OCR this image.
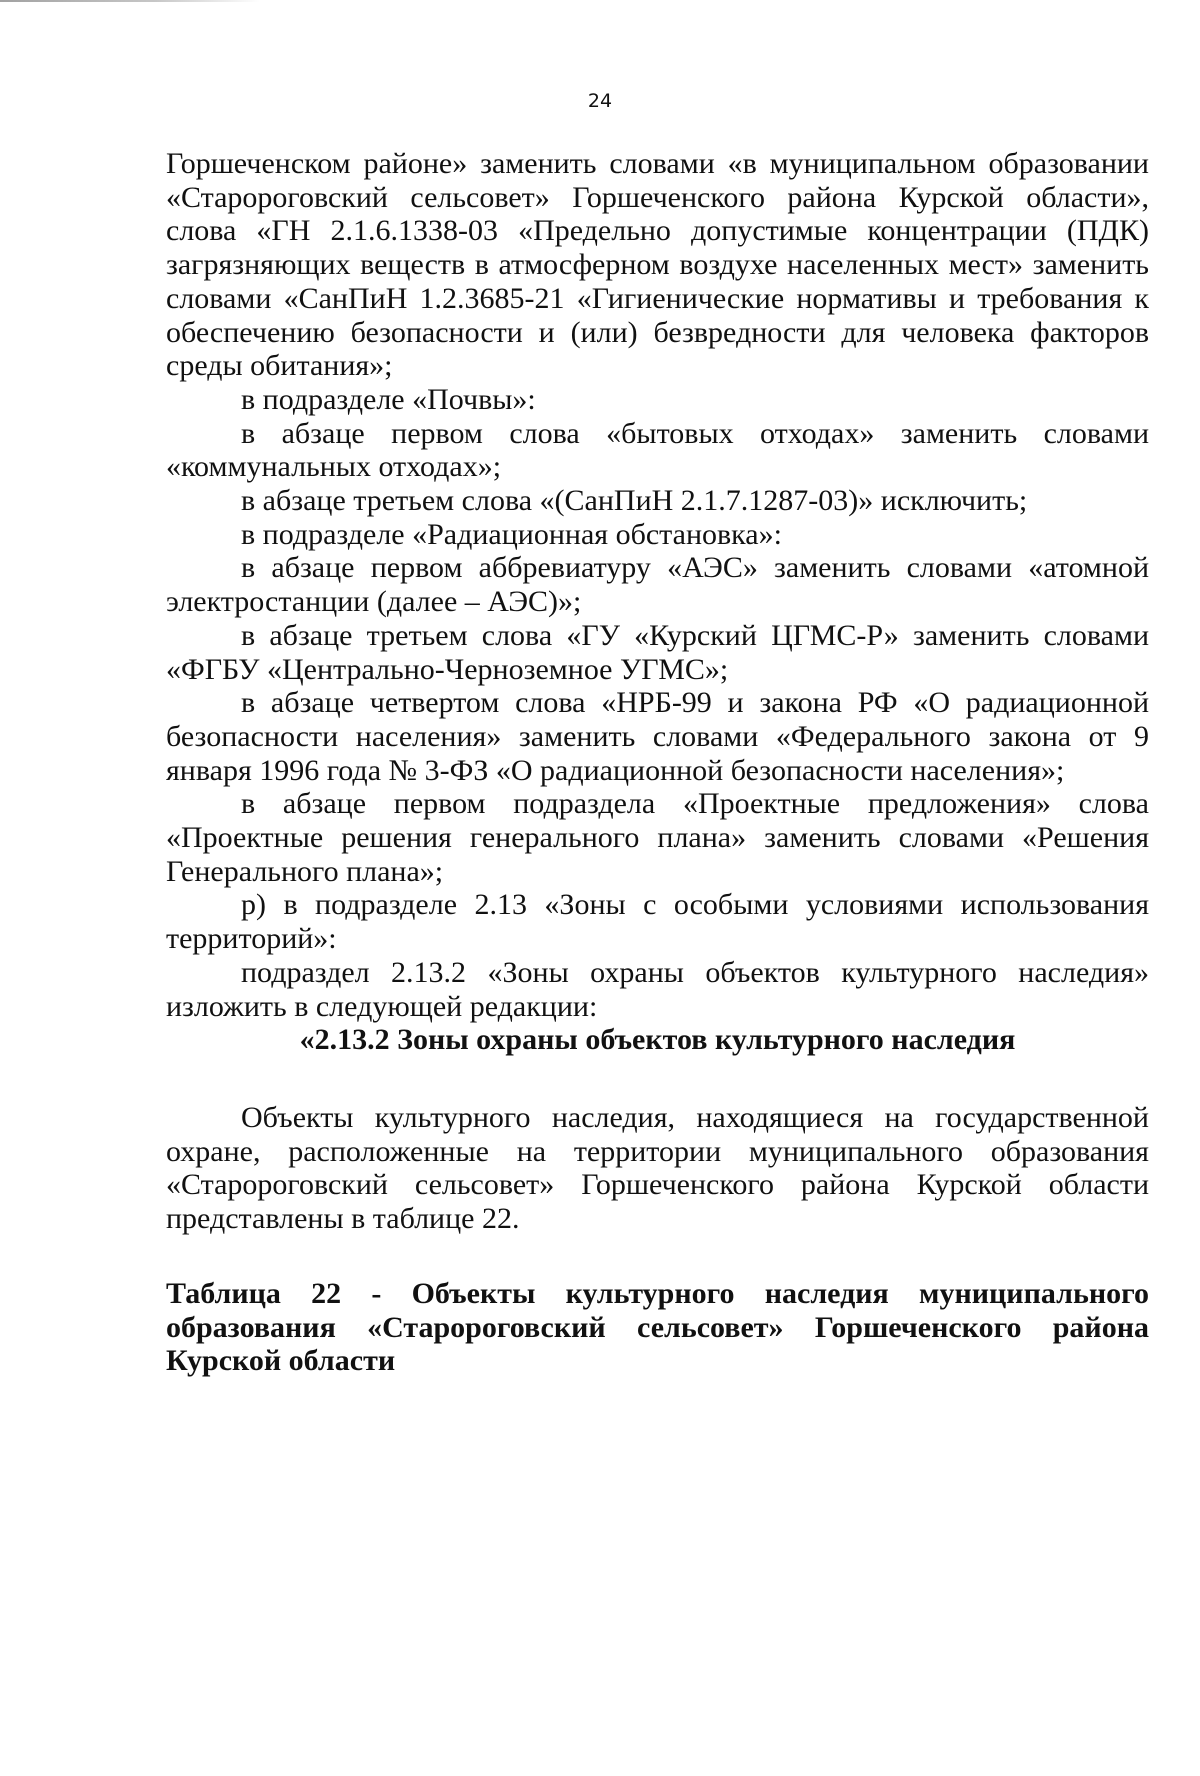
24

Горшеченском районе» заменить словами «в муниципальном образовании «Старороговский сельсовет» Горшеченского района Курской области», слова «ГН 2.1.6.1338-03 «Предельно допустимые концентрации (ПДК) загрязняющих веществ в атмосферном воздухе населенных мест» заменить словами «СанПиН 1.2.3685-21 «Гигиенические нормативы и требования к обеспечению безопасности и (или) безвредности для человека факторов среды обитания»;

в подразделе «Почвы»:

в абзаце первом слова «бытовых отходах» заменить словами «коммунальных отходах»;

в абзаце третьем слова «(СанПиН 2.1.7.1287-03)» исключить;

в подразделе «Радиационная обстановка»:

в абзаце первом аббревиатуру «АЭС» заменить словами «атомной электростанции (далее – АЭС)»;

в абзаце третьем слова «ГУ «Курский ЦГМС-Р» заменить словами «ФГБУ «Центрально-Черноземное УГМС»;

в абзаце четвертом слова «НРБ-99 и закона РФ «О радиационной безопасности населения» заменить словами «Федерального закона от 9 января 1996 года № 3-ФЗ «О радиационной безопасности населения»;

в абзаце первом подраздела «Проектные предложения» слова «Проектные решения генерального плана» заменить словами «Решения Генерального плана»;

р) в подразделе 2.13 «Зоны с особыми условиями использования территорий»:

подраздел 2.13.2 «Зоны охраны объектов культурного наследия» изложить в следующей редакции:

«2.13.2 Зоны охраны объектов культурного наследия

Объекты культурного наследия, находящиеся на государственной охране, расположенные на территории муниципального образования «Старороговский сельсовет» Горшеченского района Курской области представлены в таблице 22.

Таблица 22 - Объекты культурного наследия муниципального образования «Старороговский сельсовет» Горшеченского района Курской области
